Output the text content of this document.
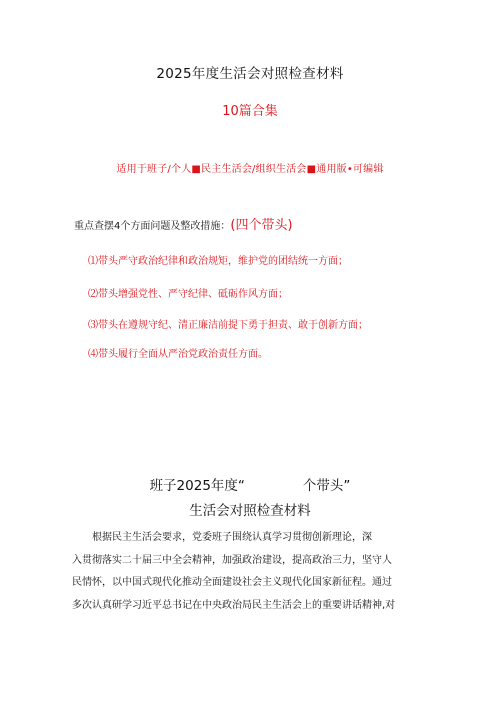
2025年度生活会对照检查材料
10篇合集
适用于班子/个人■民主生活会/组织生活会■通用版•可编辑
重点查摆4个方面问题及整改措施：(四个带头)
⑴带头严守政治纪律和政治规矩，维护党的团结统一方面；
⑵带头增强党性、严守纪律、砥砺作风方面；
⑶带头在遵规守纪、清正廉洁前提下勇于担责、敢于创新方面；
⑷带头履行全面从严治党政治责任方面。
班子2025年度“	个带头”
生活会对照检查材料

根据民主生活会要求，党委班子围绕认真学习贯彻创新理论，深

入贯彻落实二十届三中全会精神，加强政治建设，提高政治三力，坚守人

民情怀，以中国式现代化推动全面建设社会主义现代化国家新征程。通过

多次认真研学习近平总书记在中央政治局民主生活会上的重要讲话精神,对
